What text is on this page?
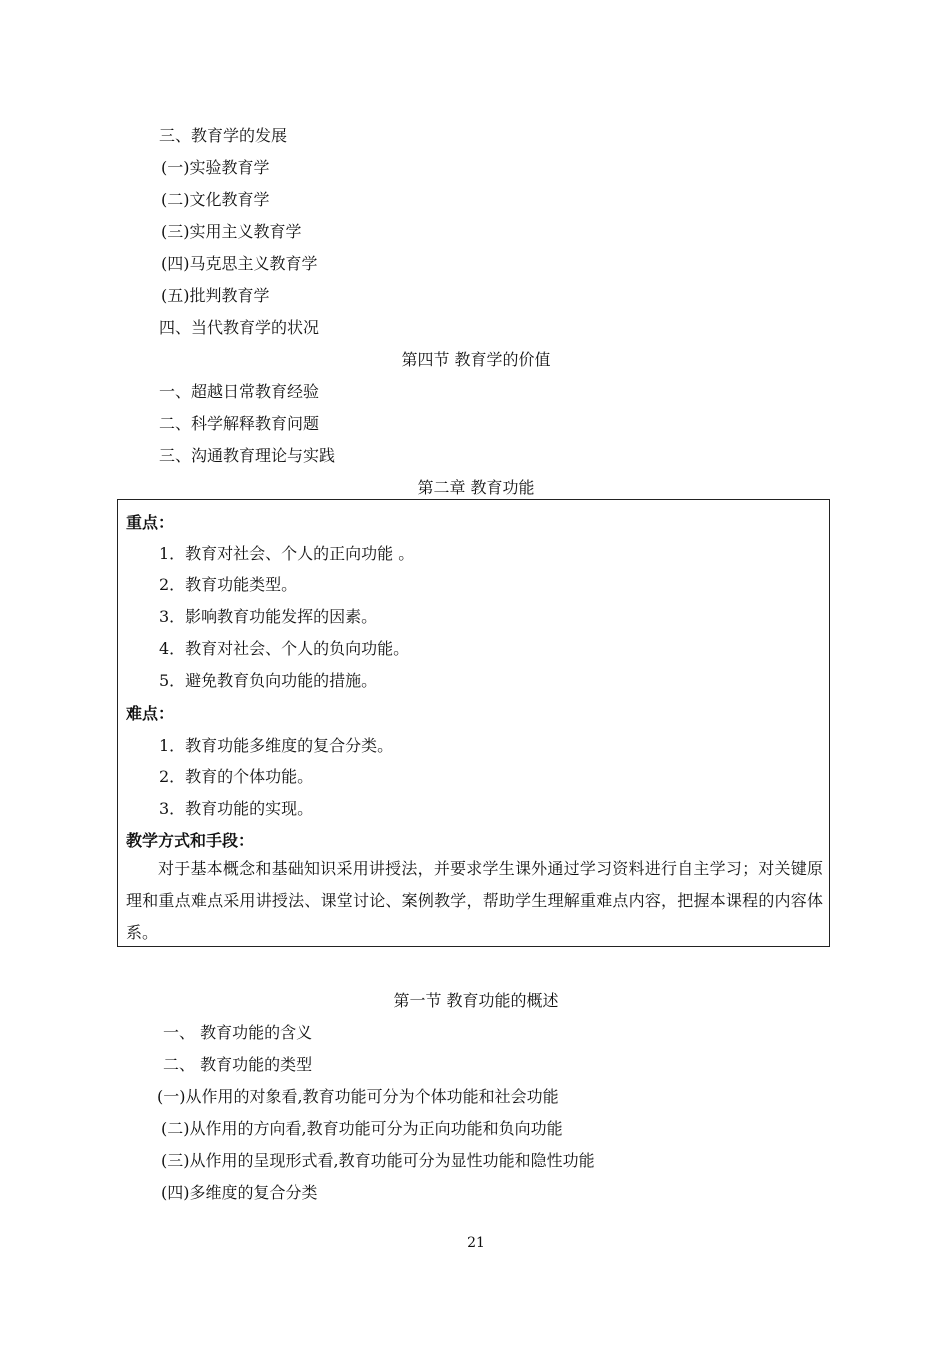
三、教育学的发展
(一)实验教育学
(二)文化教育学
(三)实用主义教育学
(四)马克思主义教育学
(五)批判教育学
四、当代教育学的状况
第四节 教育学的价值
一、超越日常教育经验
二、科学解释教育问题
三、沟通教育理论与实践
第二章 教育功能
重点：
1．教育对社会、个人的正向功能 。
2．教育功能类型。
3．影响教育功能发挥的因素。
4．教育对社会、个人的负向功能。
5．避免教育负向功能的措施。
难点：
1．教育功能多维度的复合分类。
2．教育的个体功能。
3．教育功能的实现。
教学方式和手段：
对于基本概念和基础知识采用讲授法，并要求学生课外通过学习资料进行自主学习；对关键原理和重点难点采用讲授法、课堂讨论、案例教学，帮助学生理解重难点内容，把握本课程的内容体系。
第一节 教育功能的概述
一、 教育功能的含义
二、 教育功能的类型
(一)从作用的对象看,教育功能可分为个体功能和社会功能
(二)从作用的方向看,教育功能可分为正向功能和负向功能
(三)从作用的呈现形式看,教育功能可分为显性功能和隐性功能
(四)多维度的复合分类
21
